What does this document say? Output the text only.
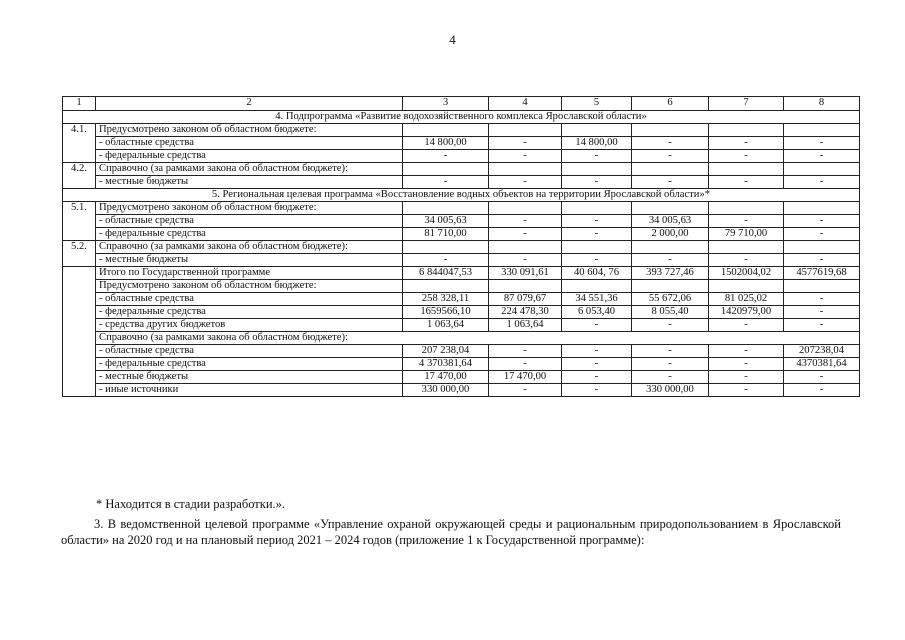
4
1	2	3	4	5	6	7	8
4. Подпрограмма «Развитие водохозяйственного комплекса Ярославской области»							
4.1.	Предусмотрено законом об областном бюджете:						
	- областные средства	14 800,00	-	14 800,00	-	-	-
	- федеральные средства	-	-	-	-	-	-
4.2.	Справочно (за рамками закона об областном бюджете):						
	- местные бюджеты	-	-	-	-	-	-
5. Региональная целевая программа «Восстановление водных объектов на территории Ярославской области»*							
5.1.	Предусмотрено законом об областном бюджете:						
	- областные средства	34 005,63	-	-	34 005,63	-	-
	- федеральные средства	81 710,00	-	-	2 000,00	79 710,00	-
5.2.	Справочно (за рамками закона об областном бюджете):						
	- местные бюджеты	-	-	-	-	-	-
	Итого по Государственной программе	6 844047,53	330 091,61	40 604, 76	393 727,46	1502004,02	4577619,68
	Предусмотрено законом об областном бюджете:						
	- областные средства	258 328,11	87 079,67	34 551,36	55 672,06	81 025,02	-
	- федеральные средства	1659566,10	224 478,30	6 053,40	8 055,40	1420979,00	-
	- средства других бюджетов	1 063,64	1 063,64	-	-	-	-
	Справочно (за рамками закона об областном бюджете):						
	- областные средства	207 238,04	-	-	-	-	207238,04
	- федеральные средства	4 370381,64	-	-	-	-	4370381,64
	- местные бюджеты	17 470,00	17 470,00	-	-	-	-
	- иные источники	330 000,00	-	-	330 000,00	-	-
* Находится в стадии разработки.».
3. В ведомственной целевой программе «Управление охраной окружающей среды и рациональным природопользованием в Ярославской области» на 2020 год и на плановый период 2021 – 2024 годов (приложение 1 к Государственной программе):
